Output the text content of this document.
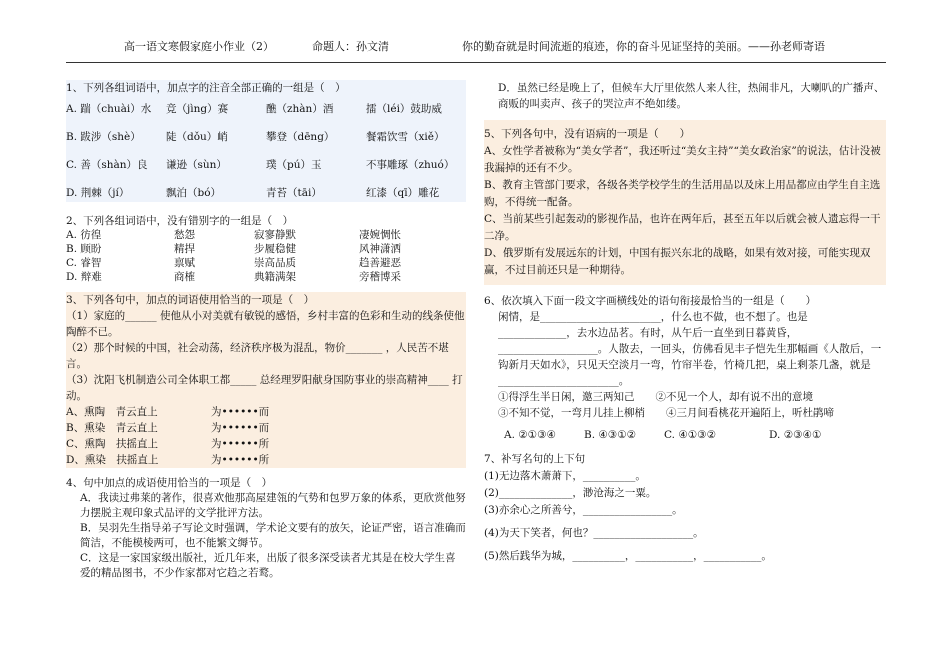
高一语文寒假家庭小作业（2）	命题人：孙文清	你的勤奋就是时间流逝的痕迹，你的奋斗见证坚持的美丽。——孙老师寄语
1、下列各组词语中，加点字的注音全部正确的一组是（　）
A. 踹（chuài）水	竞（jìng）赛	醮（zhàn）酒	擂（léi）鼓助威
B. 跋涉（shè）	陡（dǒu）峭	攀登（dēng）	餐霜饮雪（xiě）
C. 善（shàn）良	谦逊（sùn）	璞（pú）玉	不事雕琢（zhuó）
D. 荆棘（jí）	飘泊（bó）	青苔（tāi）	红漆（qī）雕花
2、下列各组词语中，没有错别字的一组是（　）
A. 彷徨	愁怨	寂寥静默	凄婉惆怅
B. 顾盼	精捍	步履稳健	风神潇洒
C. 睿智	禀赋	崇高品质	趋善避恶
D. 辩难	商榷	典籍满架	旁稽博采
3、下列各句中，加点的词语使用恰当的一项是（　）
（1）家庭的______ 使他从小对美就有敏锐的感悟，乡村丰富的色彩和生动的线条使他陶醉不已。
（2）那个时候的中国，社会动荡，经济秩序极为混乱，物价_______ ，人民苦不堪言。
（3）沈阳飞机制造公司全体职工都_____ 总经理罗阳献身国防事业的崇高精神____ 打动。
A、熏陶　青云直上	为••••••而
B、熏染　青云直上	为••••••而
C、熏陶　扶摇直上	为••••••所
D、熏染　扶摇直上	为••••••所
4、句中加点的成语使用恰当的一项是（　）
A．我读过弗莱的著作，很喜欢他那高屋建瓴的气势和包罗万象的体系，更欣赏他努力摆脱主观印象式品评的文学批评方法。
B．吴羽先生指导弟子写论文时强调，学术论文要有的放矢，论证严密，语言准确而简洁，不能模棱两可，也不能繁文缛节。
C．这是一家国家级出版社，近几年来，出版了很多深受读者尤其是在校大学生喜爱的精品图书，不少作家都对它趋之若鹜。
D．虽然已经是晚上了，但候车大厅里依然人来人往，热闹非凡，大喇叭的广播声、商贩的叫卖声、孩子的哭泣声不绝如缕。
5、下列各句中，没有语病的一项是（　　）
A、女性学者被称为“美女学者”，我还听过“美女主持”“美女政治家”的说法，估计没被我漏掉的还有不少。
B、教育主管部门要求，各级各类学校学生的生活用品以及床上用品都应由学生自主选购，不得统一配备。
C、当前某些引起轰动的影视作品，也许在两年后，甚至五年以后就会被人遗忘得一干二净。
D、俄罗斯有发展远东的计划，中国有振兴东北的战略，如果有效对接，可能实现双赢，不过目前还只是一种期待。
6、依次填入下面一段文字画横线处的语句衔接最恰当的一组是（　　）
闲情，是_______________________，什么也不做，也不想了。也是_____________，去水边品茗。有时，从午后一直坐到日暮黄昏，___________________。人散去，一回头，仿佛看见丰子恺先生那幅画《人散后，一钩新月天如水》，只见天空淡月一弯，竹帘半卷，竹椅几把，桌上剩茶几盏，就是_______________________。
①得浮生半日闲，邀三两知己　　②不见一个人，却有说不出的意境
③不知不觉，一弯月儿挂上柳梢　　④三月间看桃花开遍陌上，听杜鹃啼
A. ②①③④	B. ④③①②	C. ④①③②	D. ②③④①
7、补写名句的上下句
(1)无边落木萧萧下，__________。
(2)______________，渺沧海之一粟。
(3)亦余心之所善兮，_________________。
(4)为天下笑者，何也？___________________。
(5)然后践华为城，__________，___________，___________。
